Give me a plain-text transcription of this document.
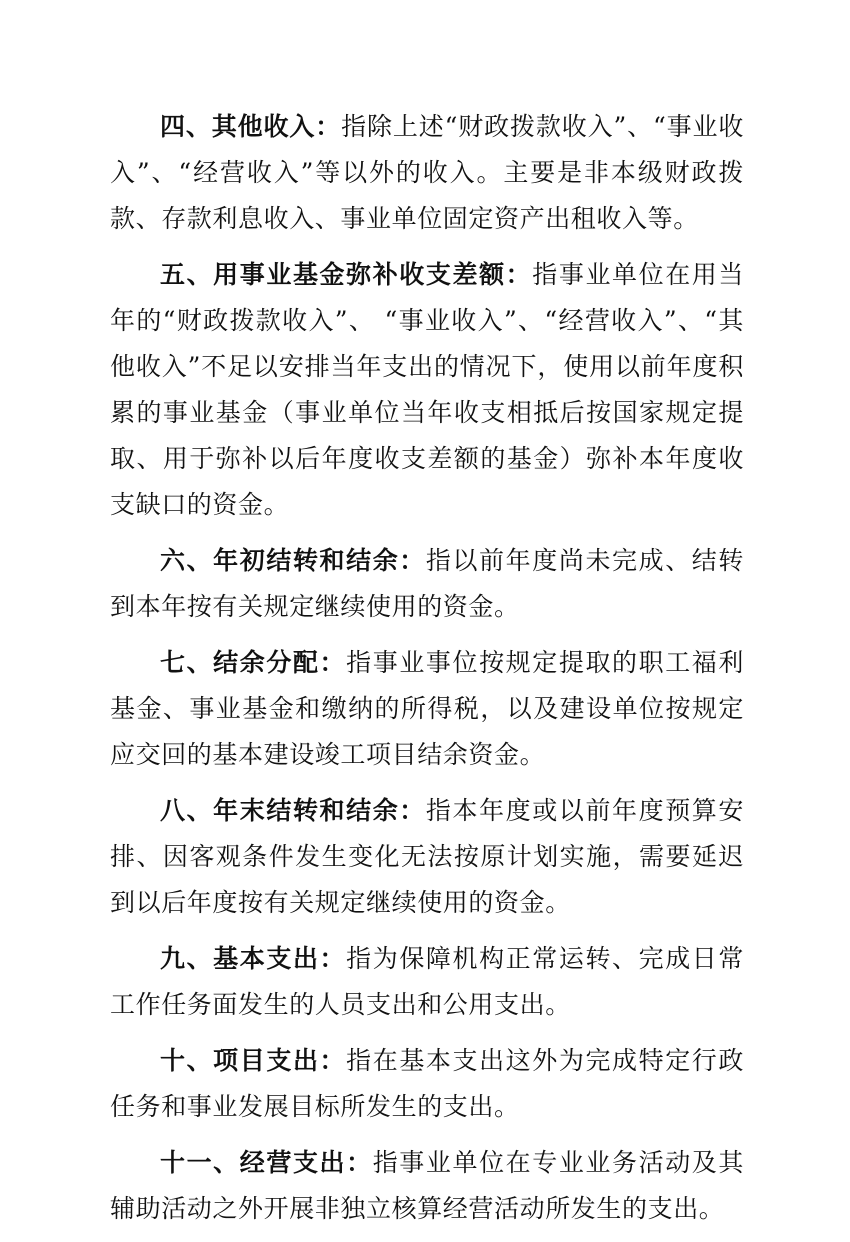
四、其他收入：指除上述“财政拨款收入”、“事业收入”、“经营收入”等以外的收入。主要是非本级财政拨款、存款利息收入、事业单位固定资产出租收入等。

五、用事业基金弥补收支差额：指事业单位在用当年的“财政拨款收入”、 “事业收入”、“经营收入”、“其他收入”不足以安排当年支出的情况下，使用以前年度积累的事业基金（事业单位当年收支相抵后按国家规定提取、用于弥补以后年度收支差额的基金）弥补本年度收支缺口的资金。

六、年初结转和结余：指以前年度尚未完成、结转到本年按有关规定继续使用的资金。

七、结余分配：指事业事位按规定提取的职工福利基金、事业基金和缴纳的所得税，以及建设单位按规定应交回的基本建设竣工项目结余资金。

八、年末结转和结余：指本年度或以前年度预算安排、因客观条件发生变化无法按原计划实施，需要延迟到以后年度按有关规定继续使用的资金。

九、基本支出：指为保障机构正常运转、完成日常工作任务面发生的人员支出和公用支出。

十、项目支出：指在基本支出这外为完成特定行政任务和事业发展目标所发生的支出。

十一、经营支出：指事业单位在专业业务活动及其辅助活动之外开展非独立核算经营活动所发生的支出。
